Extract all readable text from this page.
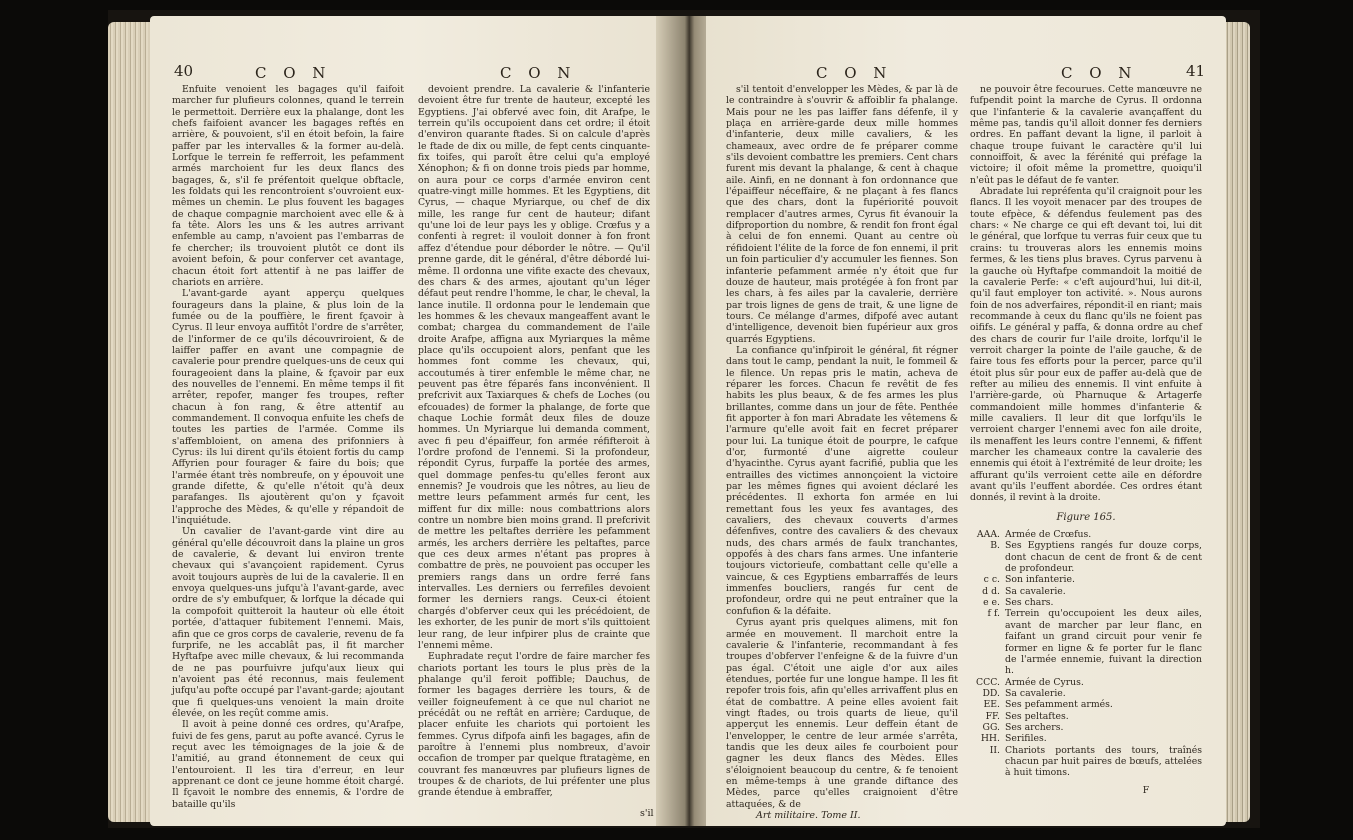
40	C O N	C O N

Enfuite venoient les bagages qu'il faifoit marcher fur plufieurs colonnes, quand le terrein le permettoit. Derrière eux la phalange, dont les chefs faifoient avancer les bagages reftés en arrière, & pouvoient, s'il en étoit befoin, la faire paffer par les intervalles & la former au-delà. Lorfque le terrein fe refferroit, les pefamment armés marchoient fur les deux flancs des bagages, &, s'il fe préfentoit quelque obftacle, les foldats qui les rencontroient s'ouvroient eux-mêmes un chemin. Le plus fouvent les bagages de chaque compagnie marchoient avec elle & à fa tête. Alors les uns & les autres arrivant enfemble au camp, n'avoient pas l'embarras de fe chercher; ils trouvoient plutôt ce dont ils avoient befoin, & pour conferver cet avantage, chacun étoit fort attentif à ne pas laiffer de chariots en arrière.

L'avant-garde ayant apperçu quelques fourageurs dans la plaine, & plus loin de la fumée ou de la pouffière, le firent fçavoir à Cyrus. Il leur envoya auffitôt l'ordre de s'arrêter, de l'informer de ce qu'ils découvriroient, & de laiffer paffer en avant une compagnie de cavalerie pour prendre quelques-uns de ceux qui fourageoient dans la plaine, & fçavoir par eux des nouvelles de l'ennemi. En même temps il fit arrêter, repofer, manger fes troupes, refter chacun à fon rang, & être attentif au commandement. Il convoqua enfuite les chefs de toutes les parties de l'armée. Comme ils s'affembloient, on amena des prifonniers à Cyrus: ils lui dirent qu'ils étoient fortis du camp Affyrien pour fourager & faire du bois; que l'armée étant très nombreufe, on y épouvoit une grande difette, & qu'elle n'étoit qu'à deux parafanges. Ils ajoutèrent qu'on y fçavoit l'approche des Mèdes, & qu'elle y répandoit de l'inquiétude.

Un cavalier de l'avant-garde vint dire au général qu'elle découvroit dans la plaine un gros de cavalerie, & devant lui environ trente chevaux qui s'avançoient rapidement. Cyrus avoit toujours auprès de lui de la cavalerie. Il en envoya quelques-uns jufqu'à l'avant-garde, avec ordre de s'y embufquer, & lorfque la décade qui la compofoit quitteroit la hauteur où elle étoit portée, d'attaquer fubitement l'ennemi. Mais, afin que ce gros corps de cavalerie, revenu de fa furprife, ne les accablât pas, il fit marcher Hyftafpe avec mille chevaux, & lui recommanda de ne pas pourfuivre jufqu'aux lieux qui n'avoient pas été reconnus, mais feulement jufqu'au pofte occupé par l'avant-garde; ajoutant que fi quelques-uns venoient la main droite élevée, on les reçût comme amis.

Il avoit à peine donné ces ordres, qu'Arafpe, fuivi de fes gens, parut au pofte avancé. Cyrus le reçut avec les témoignages de la joie & de l'amitié, au grand étonnement de ceux qui l'entouroient. Il les tira d'erreur, en leur apprenant ce dont ce jeune homme étoit chargé. Il fçavoit le nombre des ennemis, & l'ordre de bataille qu'ils

devoient prendre. La cavalerie & l'infanterie devoient être fur trente de hauteur, excepté les Egyptiens. J'ai obfervé avec foin, dit Arafpe, le terrein qu'ils occupoient dans cet ordre; il étoit d'environ quarante ftades. Si on calcule d'après le ftade de dix ou mille, de fept cents cinquante-fix toifes, qui paroît être celui qu'a employé Xénophon; & fi on donne trois pieds par homme, on aura pour ce corps d'armée environ cent quatre-vingt mille hommes. Et les Egyptiens, dit Cyrus, — chaque Myriarque, ou chef de dix mille, les range fur cent de hauteur; difant qu'une loi de leur pays les y oblige. Crœfus y a confenti à regret: il vouloit donner à fon front affez d'étendue pour déborder le nôtre. — Qu'il prenne garde, dit le général, d'être débordé lui-même. Il ordonna une vifite exacte des chevaux, des chars & des armes, ajoutant qu'un léger défaut peut rendre l'homme, le char, le cheval, la lance inutile. Il ordonna pour le lendemain que les hommes & les chevaux mangeaffent avant le combat; chargea du commandement de l'aile droite Arafpe, affigna aux Myriarques la même place qu'ils occupoient alors, penfant que les hommes font comme les chevaux, qui, accoutumés à tirer enfemble le même char, ne peuvent pas être féparés fans inconvénient. Il prefcrivit aux Taxiarques & chefs de Loches (ou efcouades) de former la phalange, de forte que chaque Lochie formât deux files de douze hommes. Un Myriarque lui demanda comment, avec fi peu d'épaiffeur, fon armée réfifteroit à l'ordre profond de l'ennemi. Si la profondeur, répondit Cyrus, furpaffe la portée des armes, quel dommage penfes-tu qu'elles feront aux ennemis? Je voudrois que les nôtres, au lieu de mettre leurs pefamment armés fur cent, les miffent fur dix mille: nous combattrions alors contre un nombre bien moins grand. Il prefcrivit de mettre les peltaftes derrière les pefamment armés, les archers derrière les peltaftes, parce que ces deux armes n'étant pas propres à combattre de près, ne pouvoient pas occuper les premiers rangs dans un ordre ferré fans intervalles. Les derniers ou ferrefiles devoient former les derniers rangs. Ceux-ci étoient chargés d'obferver ceux qui les précédoient, de les exhorter, de les punir de mort s'ils quittoient leur rang, de leur infpirer plus de crainte que l'ennemi même.

Euphradate reçut l'ordre de faire marcher fes chariots portant les tours le plus près de la phalange qu'il feroit poffible; Dauchus, de former les bagages derrière les tours, & de veiller foigneufement à ce que nul chariot ne précédât ou ne reftât en arrière; Carduque, de placer enfuite les chariots qui portoient les femmes. Cyrus difpofa ainfi les bagages, afin de paroître à l'ennemi plus nombreux, d'avoir occafion de tromper par quelque ftratagème, en couvrant fes manœuvres par plufieurs lignes de troupes & de chariots, de lui préfenter une plus grande étendue à embraffer,

s'il
C O N	C O N	41

s'il tentoit d'envelopper les Mèdes, & par là de le contraindre à s'ouvrir & affoiblir fa phalange. Mais pour ne les pas laiffer fans défenfe, il y plaça en arrière-garde deux mille hommes d'infanterie, deux mille cavaliers, & les chameaux, avec ordre de fe préparer comme s'ils devoient combattre les premiers. Cent chars furent mis devant la phalange, & cent à chaque aile. Ainfi, en ne donnant à fon ordonnance que l'épaiffeur néceffaire, & ne plaçant à fes flancs que des chars, dont la fupériorité pouvoit remplacer d'autres armes, Cyrus fit évanouir la difproportion du nombre, & rendit fon front égal à celui de fon ennemi. Quant au centre où réfidoient l'élite de la force de fon ennemi, il prit un foin particulier d'y accumuler les fiennes. Son infanterie pefamment armée n'y étoit que fur douze de hauteur, mais protégée à fon front par les chars, à fes ailes par la cavalerie, derrière par trois lignes de gens de trait, & une ligne de tours. Ce mélange d'armes, difpofé avec autant d'intelligence, devenoit bien fupérieur aux gros quarrés Egyptiens.

La confiance qu'infpiroit le général, fit régner dans tout le camp, pendant la nuit, le fommeil & le filence. Un repas pris le matin, acheva de réparer les forces. Chacun fe revêtit de fes habits les plus beaux, & de fes armes les plus brillantes, comme dans un jour de fête. Penthée fit apporter à fon mari Abradate les vêtemens & l'armure qu'elle avoit fait en fecret préparer pour lui. La tunique étoit de pourpre, le cafque d'or, furmonté d'une aigrette couleur d'hyacinthe. Cyrus ayant facrifié, publia que les entrailles des victimes annonçoient la victoire par les mêmes fignes qui avoient déclaré les précédentes. Il exhorta fon armée en lui remettant fous les yeux fes avantages, des cavaliers, des chevaux couverts d'armes défenfives, contre des cavaliers & des chevaux nuds, des chars armés de faulx tranchantes, oppofés à des chars fans armes. Une infanterie toujours victorieufe, combattant celle qu'elle a vaincue, & ces Egyptiens embarraffés de leurs immenfes boucliers, rangés fur cent de profondeur, ordre qui ne peut entraîner que la confufion & la défaite.

Cyrus ayant pris quelques alimens, mit fon armée en mouvement. Il marchoit entre la cavalerie & l'infanterie, recommandant à fes troupes d'obferver l'enfeigne & de la fuivre d'un pas égal. C'étoit une aigle d'or aux ailes étendues, portée fur une longue hampe. Il les fit repofer trois fois, afin qu'elles arrivaffent plus en état de combattre. A peine elles avoient fait vingt ftades, ou trois quarts de lieue, qu'il apperçut les ennemis. Leur deffein étant de l'envelopper, le centre de leur armée s'arrêta, tandis que les deux ailes fe courboient pour gagner les deux flancs des Mèdes. Elles s'éloignoient beaucoup du centre, & fe tenoient en même-temps à une grande diftance des Mèdes, parce qu'elles craignoient d'être attaquées, & de

Art militaire. Tome II.

ne pouvoir être fecourues. Cette manœuvre ne fufpendit point la marche de Cyrus. Il ordonna que l'infanterie & la cavalerie avançaffent du même pas, tandis qu'il alloit donner fes derniers ordres. En paffant devant la ligne, il parloit à chaque troupe fuivant le caractère qu'il lui connoiffoit, & avec la férénité qui préfage la victoire; il ofoit même la promettre, quoiqu'il n'eût pas le défaut de fe vanter.

Abradate lui repréfenta qu'il craignoit pour les flancs. Il les voyoit menacer par des troupes de toute efpèce, & défendus feulement pas des chars: « Ne charge ce qui eft devant toi, lui dit le général, que lorfque tu verras fuir ceux que tu crains: tu trouveras alors les ennemis moins fermes, & les tiens plus braves. Cyrus parvenu à la gauche où Hyftafpe commandoit la moitié de la cavalerie Perfe: « c'eft aujourd'hui, lui dit-il, qu'il faut employer ton activité. ». Nous aurons foin de nos adverfaires, répondit-il en riant; mais recommande à ceux du flanc qu'ils ne foient pas oififs. Le général y paffa, & donna ordre au chef des chars de courir fur l'aile droite, lorfqu'il le verroit charger la pointe de l'aile gauche, & de faire tous fes efforts pour la percer, parce qu'il étoit plus sûr pour eux de paffer au-delà que de refter au milieu des ennemis. Il vint enfuite à l'arrière-garde, où Pharnuque & Artagerfe commandoient mille hommes d'infanterie & mille cavaliers. Il leur dit que lorfqu'ils le verroient charger l'ennemi avec fon aile droite, ils menaffent les leurs contre l'ennemi, & fiffent marcher les chameaux contre la cavalerie des ennemis qui étoit à l'extrémité de leur droite; les affurant qu'ils verroient cette aile en défordre avant qu'ils l'euffent abordée. Ces ordres étant donnés, il revint à la droite.

Figure 165.
AAA. Armée de Crœfus.
B. Ses Egyptiens rangés fur douze corps, dont chacun de cent de front & de cent de profondeur.
c c. Son infanterie.
d d. Sa cavalerie.
e e. Ses chars.
f f. Terrein qu'occupoient les deux ailes, avant de marcher par leur flanc, en faifant un grand circuit pour venir fe former en ligne & fe porter fur le flanc de l'armée ennemie, fuivant la direction h.
CCC. Armée de Cyrus.
DD. Sa cavalerie.
EE. Ses pefamment armés.
FF. Ses peltaftes.
GG. Ses archers.
HH. Serifiles.
II. Chariots portants des tours, traînés chacun par huit paires de bœufs, attelées à huit timons.
F
